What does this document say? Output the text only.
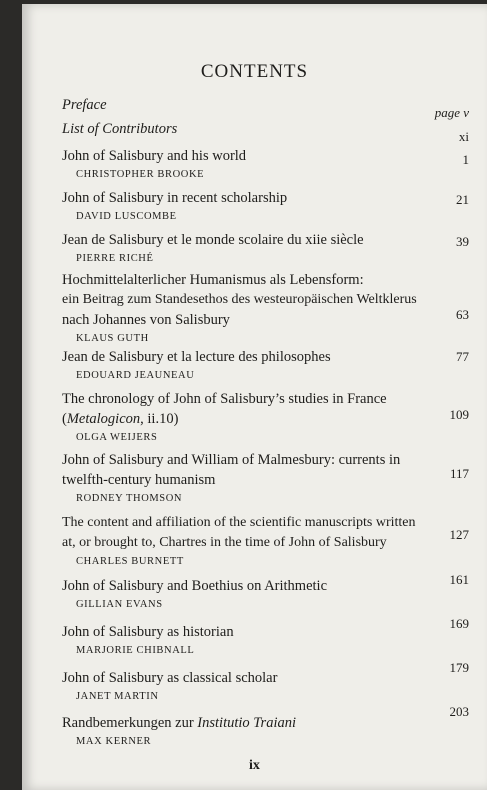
CONTENTS
Preface	page v
List of Contributors	xi
John of Salisbury and his world
CHRISTOPHER BROOKE
1
John of Salisbury in recent scholarship
DAVID LUSCOMBE
21
Jean de Salisbury et le monde scolaire du xiie siècle
PIERRE RICHÉ
39
Hochmittelalterlicher Humanismus als Lebensform:
ein Beitrag zum Standesethos des westeuropäischen Weltklerus
nach Johannes von Salisbury
KLAUS GUTH
63
Jean de Salisbury et la lecture des philosophes
EDOUARD JEAUNEAU
77
The chronology of John of Salisbury’s studies in France
(Metalogicon, ii.10)
OLGA WEIJERS
109
John of Salisbury and William of Malmesbury: currents in
twelfth-century humanism
RODNEY THOMSON
117
The content and affiliation of the scientific manuscripts written
at, or brought to, Chartres in the time of John of Salisbury
CHARLES BURNETT
127
John of Salisbury and Boethius on Arithmetic
GILLIAN EVANS
161
John of Salisbury as historian
MARJORIE CHIBNALL
169
John of Salisbury as classical scholar
JANET MARTIN
179
Randbemerkungen zur Institutio Traiani
MAX KERNER
203
ix
